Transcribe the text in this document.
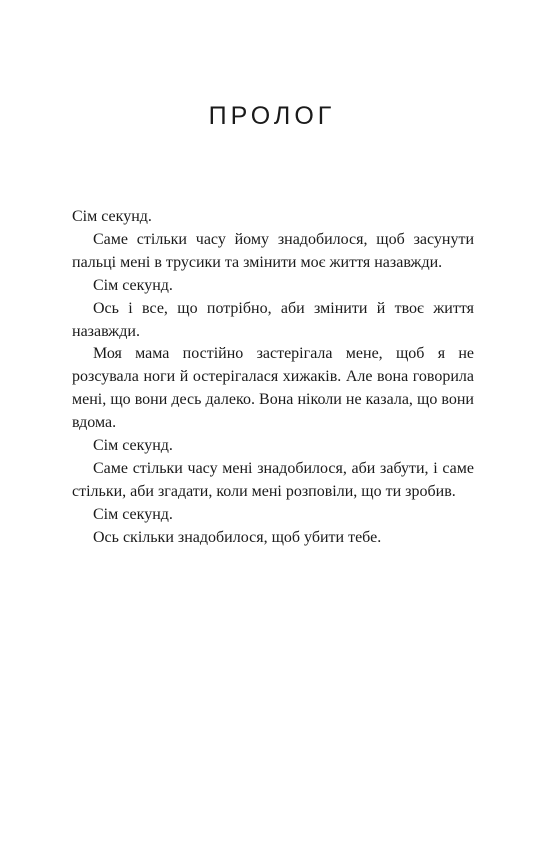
ПРОЛОГ

Сім секунд.

Саме стільки часу йому знадобилося, щоб засунути пальці мені в трусики та змінити моє життя назавжди.

Сім секунд.

Ось і все, що потрібно, аби змінити й твоє життя назавжди.

Моя мама постійно застерігала мене, щоб я не розсувала ноги й остерігалася хижаків. Але вона говорила мені, що вони десь далеко. Вона ніколи не казала, що вони вдома.

Сім секунд.

Саме стільки часу мені знадобилося, аби забути, і саме стільки, аби згадати, коли мені розповіли, що ти зробив.

Сім секунд.

Ось скільки знадобилося, щоб убити тебе.
